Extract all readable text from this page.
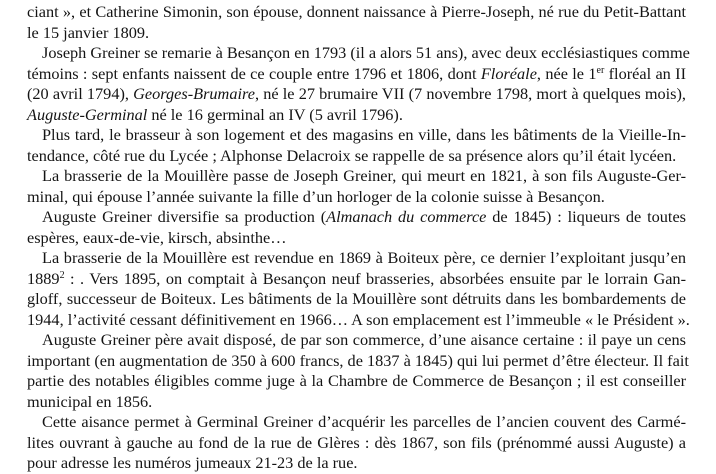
ciant », et Catherine Simonin, son épouse, donnent naissance à Pierre-Joseph, né rue du Petit-Battant
le 15 janvier 1809.

Joseph Greiner se remarie à Besançon en 1793 (il a alors 51 ans), avec deux ecclésiastiques comme
témoins : sept enfants naissent de ce couple entre 1796 et 1806, dont Floréale, née le 1er floréal an II
(20 avril 1794), Georges-Brumaire, né le 27 brumaire VII (7 novembre 1798, mort à quelques mois),
Auguste-Germinal né le 16 germinal an IV (5 avril 1796).

Plus tard, le brasseur à son logement et des magasins en ville, dans les bâtiments de la Vieille-In-
tendance, côté rue du Lycée ; Alphonse Delacroix se rappelle de sa présence alors qu’il était lycéen.

La brasserie de la Mouillère passe de Joseph Greiner, qui meurt en 1821, à son fils Auguste-Ger-
minal, qui épouse l’année suivante la fille d’un horloger de la colonie suisse à Besançon.

Auguste Greiner diversifie sa production (Almanach du commerce de 1845) : liqueurs de toutes
espères, eaux-de-vie, kirsch, absinthe…

La brasserie de la Mouillère est revendue en 1869 à Boiteux père, ce dernier l’exploitant jusqu’en
1889$^2$ : . Vers 1895, on comptait à Besançon neuf brasseries, absorbées ensuite par le lorrain Gan-
gloff, successeur de Boiteux. Les bâtiments de la Mouillère sont détruits dans les bombardements de
1944, l’activité cessant définitivement en 1966… A son emplacement est l’immeuble « le Président ».

Auguste Greiner père avait disposé, de par son commerce, d’une aisance certaine : il paye un cens
important (en augmentation de 350 à 600 francs, de 1837 à 1845) qui lui permet d’être électeur. Il fait
partie des notables éligibles comme juge à la Chambre de Commerce de Besançon ; il est conseiller
municipal en 1856.

Cette aisance permet à Germinal Greiner d’acquérir les parcelles de l’ancien couvent des Carmé-
lites ouvrant à gauche au fond de la rue de Glères : dès 1867, son fils (prénommé aussi Auguste) a
pour adresse les numéros jumeaux 21-23 de la rue.
